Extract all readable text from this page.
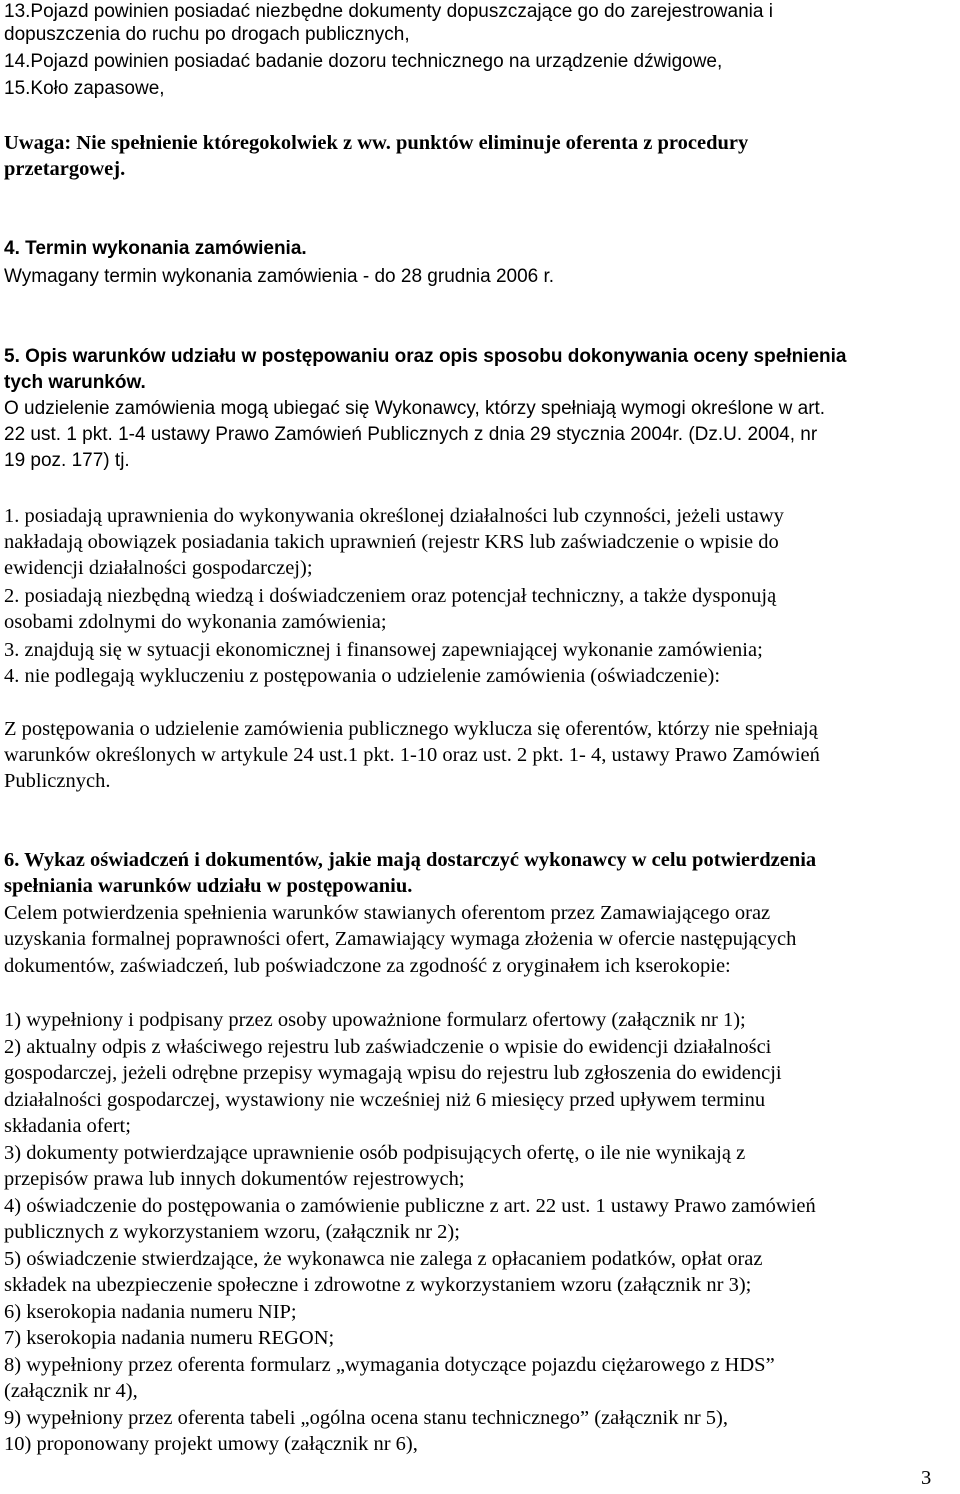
13.Pojazd powinien posiadać niezbędne dokumenty dopuszczające go do zarejestrowania i
dopuszczenia do ruchu po drogach publicznych,
14.Pojazd powinien posiadać badanie dozoru technicznego na urządzenie dźwigowe,
15.Koło zapasowe,
Uwaga: Nie spełnienie któregokolwiek z ww. punktów eliminuje oferenta z procedury
przetargowej.
4. Termin wykonania zamówienia.
Wymagany termin wykonania zamówienia - do 28 grudnia 2006 r.
5. Opis warunków udziału w postępowaniu oraz opis sposobu dokonywania oceny spełnienia
tych warunków.
O udzielenie zamówienia mogą ubiegać się Wykonawcy, którzy spełniają wymogi określone w art.
22 ust. 1 pkt. 1-4 ustawy Prawo Zamówień Publicznych z dnia 29 stycznia 2004r. (Dz.U. 2004, nr
19 poz. 177) tj.
1. posiadają uprawnienia do wykonywania określonej działalności lub czynności, jeżeli ustawy
nakładają obowiązek posiadania takich uprawnień (rejestr KRS lub zaświadczenie o wpisie do
ewidencji działalności gospodarczej);
2. posiadają niezbędną wiedzą i doświadczeniem oraz potencjał techniczny, a także dysponują
osobami zdolnymi do wykonania zamówienia;
3. znajdują się w sytuacji ekonomicznej i finansowej zapewniającej wykonanie zamówienia;
4. nie podlegają wykluczeniu z postępowania o udzielenie zamówienia (oświadczenie):
Z postępowania o udzielenie zamówienia publicznego wyklucza się oferentów, którzy nie spełniają
warunków określonych w artykule 24 ust.1 pkt. 1-10 oraz ust. 2 pkt. 1- 4, ustawy Prawo Zamówień
Publicznych.
6. Wykaz oświadczeń i dokumentów, jakie mają dostarczyć wykonawcy w celu potwierdzenia
spełniania warunków udziału w postępowaniu.
Celem potwierdzenia spełnienia warunków stawianych oferentom przez Zamawiającego oraz
uzyskania formalnej poprawności ofert, Zamawiający wymaga złożenia w ofercie następujących
dokumentów, zaświadczeń, lub poświadczone za zgodność z oryginałem ich kserokopie:
1) wypełniony i podpisany przez osoby upoważnione formularz ofertowy (załącznik nr 1);
2) aktualny odpis z właściwego rejestru lub zaświadczenie o wpisie do ewidencji działalności
gospodarczej, jeżeli odrębne przepisy wymagają wpisu do rejestru lub zgłoszenia do ewidencji
działalności gospodarczej, wystawiony nie wcześniej niż 6 miesięcy przed upływem terminu
składania ofert;
3) dokumenty potwierdzające uprawnienie osób podpisujących ofertę, o ile nie wynikają z
przepisów prawa lub innych dokumentów rejestrowych;
4) oświadczenie do postępowania o zamówienie publiczne z art. 22 ust. 1 ustawy Prawo zamówień
publicznych z wykorzystaniem wzoru, (załącznik nr 2);
5) oświadczenie stwierdzające, że wykonawca nie zalega z opłacaniem podatków, opłat oraz
składek na ubezpieczenie społeczne i zdrowotne z wykorzystaniem wzoru (załącznik nr 3);
6) kserokopia nadania numeru NIP;
7) kserokopia nadania numeru REGON;
8) wypełniony przez oferenta formularz „wymagania dotyczące pojazdu ciężarowego z HDS”
(załącznik nr 4),
9) wypełniony przez oferenta tabeli „ogólna ocena stanu technicznego” (załącznik nr 5),
10) proponowany projekt umowy (załącznik nr 6),
3
